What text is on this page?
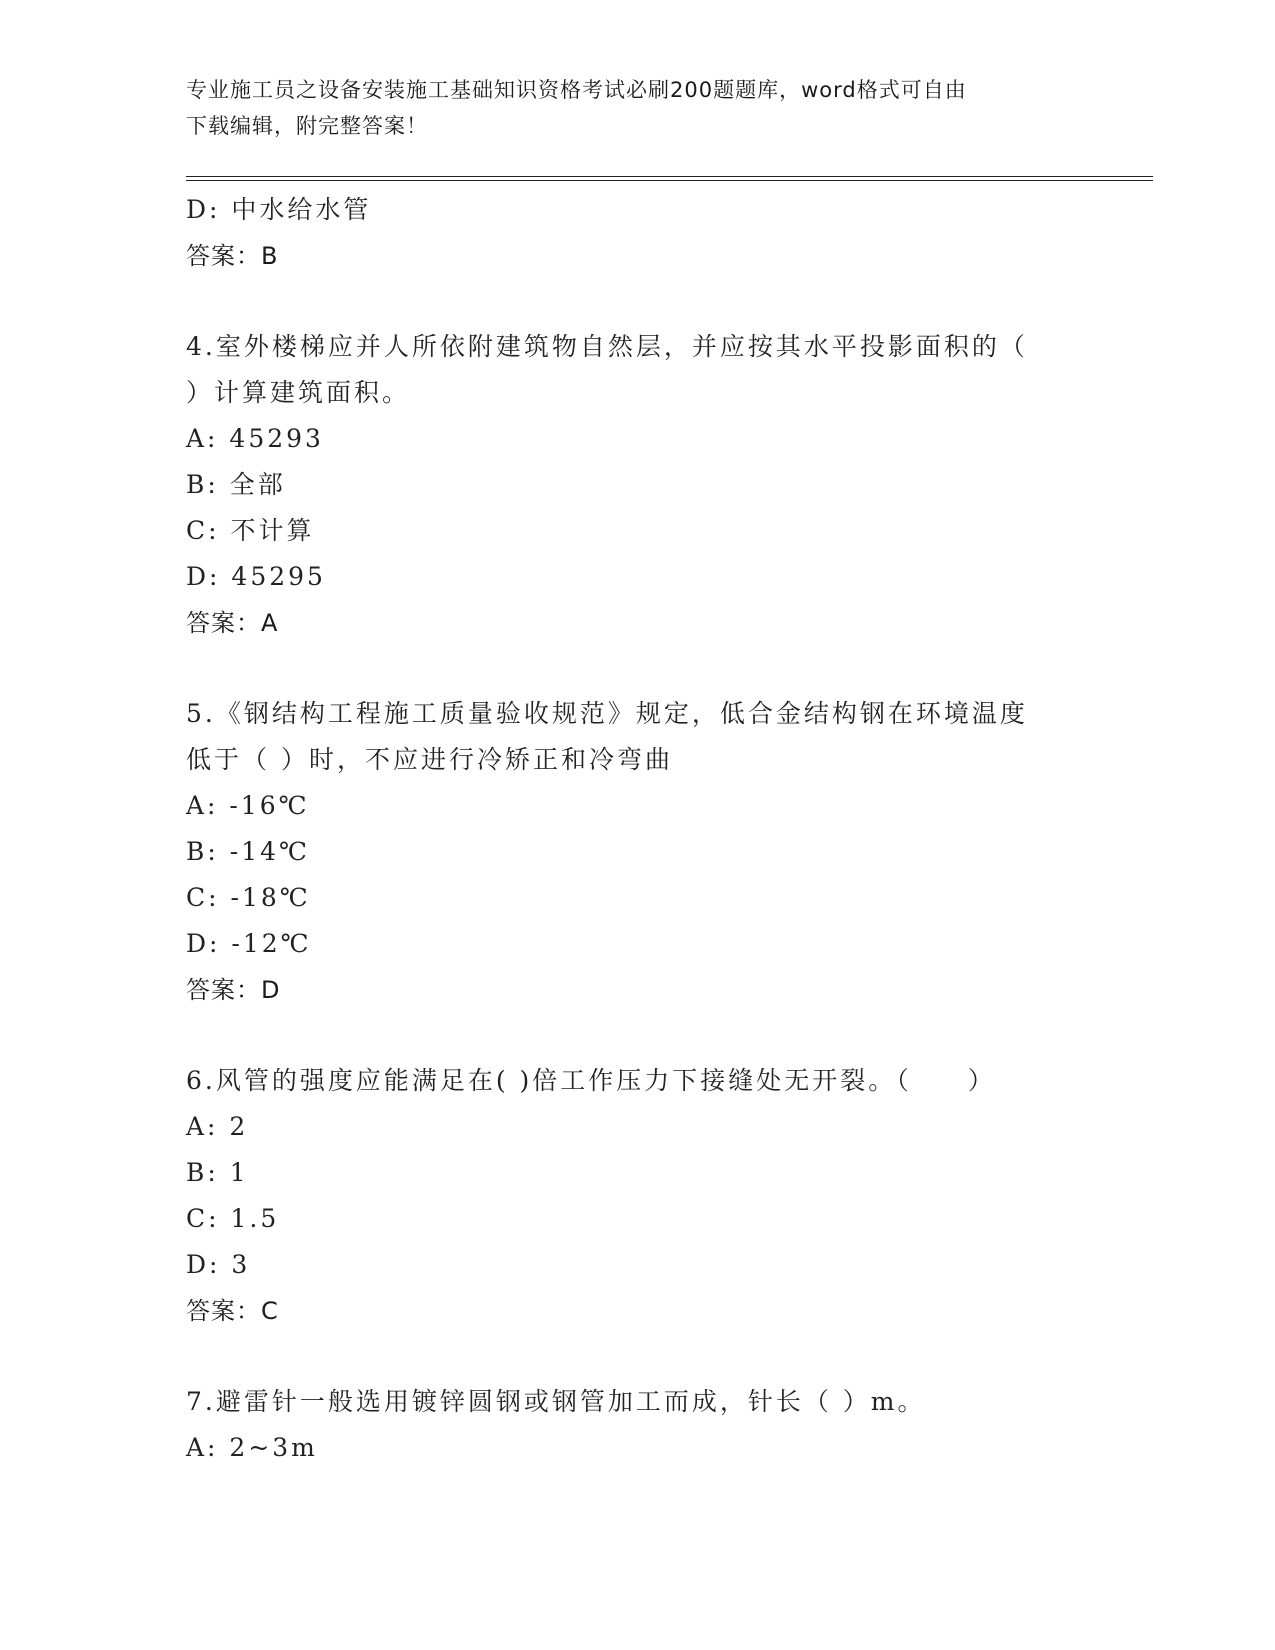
专业施工员之设备安装施工基础知识资格考试必刷200题题库，word格式可自由
下载编辑，附完整答案！
D: 中水给水管
答案：B
4.室外楼梯应并人所依附建筑物自然层，并应按其水平投影面积的（
）计算建筑面积。
A: 45293
B: 全部
C: 不计算
D: 45295
答案：A
5.《钢结构工程施工质量验收规范》规定，低合金结构钢在环境温度
低于（ ）时，不应进行冷矫正和冷弯曲
A: -16℃
B: -14℃
C: -18℃
D: -12℃
答案：D
6.风管的强度应能满足在( )倍工作压力下接缝处无开裂。（　　）
A: 2
B: 1
C: 1.5
D: 3
答案：C
7.避雷针一般选用镀锌圆钢或钢管加工而成，针长（ ）m。
A: 2~3m
